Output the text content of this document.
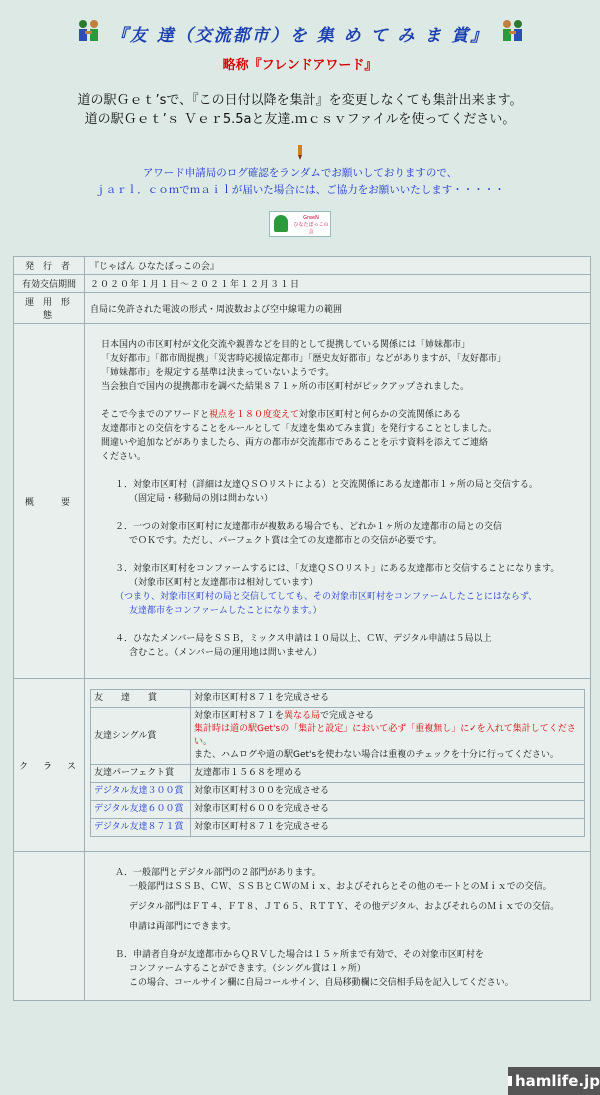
『友 達（交流都市）を 集 め て み ま 賞』
略称『フレンドアワード』
道の駅Ｇｅｔ’sで、『この日付以降を集計』を変更しなくても集計出来ます。
道の駅Ｇｅｔ’ｓ Ｖｅｒ5.5aと友達.ｍｃｓｖファイルを使ってください。
アワード申請局のログ確認をランダムでお願いしておりますので、
ｊａｒｌ．ｃｏｍでｍａｉｌが届いた場合には、ご協力をお願いいたします・・・・・
GreeN
ひなたぼっこの会
発 行 者	『じゃぱん ひなたぼっこの会』
有効交信期間	２０２０年１月１日～２０２１年１２月３１日
運 用 形 態	自局に免許された電波の形式・周波数および空中線電力の範囲
概　　要	

日本国内の市区町村が文化交流や親善などを目的として提携している関係には「姉妹都市」

「友好都市」「都市間提携」「災害時応援協定都市」「歴史友好都市」などがありますが、「友好都市」

「姉妹都市」を規定する基準は決まっていないようです。

当会独自で国内の提携都市を調べた結果８７１ヶ所の市区町村がピックアップされました。

そこで今までのアワードと視点を１８０度変えて対象市区町村と何らかの交流関係にある

友達都市との交信をすることをルールとして「友達を集めてみま賞」を発行することとしました。

間違いや追加などがありましたら、両方の都市が交流都市であることを示す資料を添えてご連絡

ください。

１．対象市区町村（詳細は友達ＱＳＯリストによる）と交流関係にある友達都市１ヶ所の局と交信する。

（固定局・移動局の別は問わない）

２．一つの対象市区町村に友達都市が複数ある場合でも、どれか１ヶ所の友達都市の局との交信

でＯＫです。ただし、パーフェクト賞は全ての友達都市との交信が必要です。

３．対象市区町村をコンファームするには、「友達ＱＳＯリスト」にある友達都市と交信することになります。

（対象市区町村と友達都市は相対しています）

（つまり、対象市区町村の局と交信してしても、その対象市区町村をコンファームしたことにはならず、

友達都市をコンファームしたことになります。）

４．ひなたメンバー局をＳＳＢ，ミックス申請は１０局以上、ＣＷ、デジタル申請は５局以上

含むこと。（メンバー局の運用地は問いません）

ク　ラ　ス	
友　　達　　賞	対象市区町村８７１を完成させる
友達シングル賞	対象市区町村８７１を異なる局で完成させる
集計時は道の駅Get'sの「集計と設定」において必ず「重複無し」に✓を入れて集計してください。
また、ハムログや道の駅Get'sを使わない場合は重複のチェックを十分に行ってください。
友達パーフェクト賞	友達都市１５６８を埋める
デジタル友達３００賞	対象市区町村３００を完成させる
デジタル友達６００賞	対象市区町村６００を完成させる
デジタル友達８７１賞	対象市区町村８７１を完成させる

Ａ．一般部門とデジタル部門の２部門があります。

一般部門はＳＳＢ、ＣＷ、ＳＳＢとＣＷのＭｉｘ、およびそれらとその他のモートとのＭｉｘでの交信。

デジタル部門はＦＴ４、ＦＴ８、ＪＴ６５、ＲＴＴＹ、その他デジタル、およびそれらのＭｉｘでの交信。

申請は両部門にできます。

Ｂ．申請者自身が友達都市からＱＲＶした場合は１５ヶ所まで有効で、その対象市区町村を

コンファームすることができます。（シングル賞は１ヶ所）

この場合、コールサイン欄に自局コールサイン、自局移動欄に交信相手局を記入してください。

hamlife.jp
